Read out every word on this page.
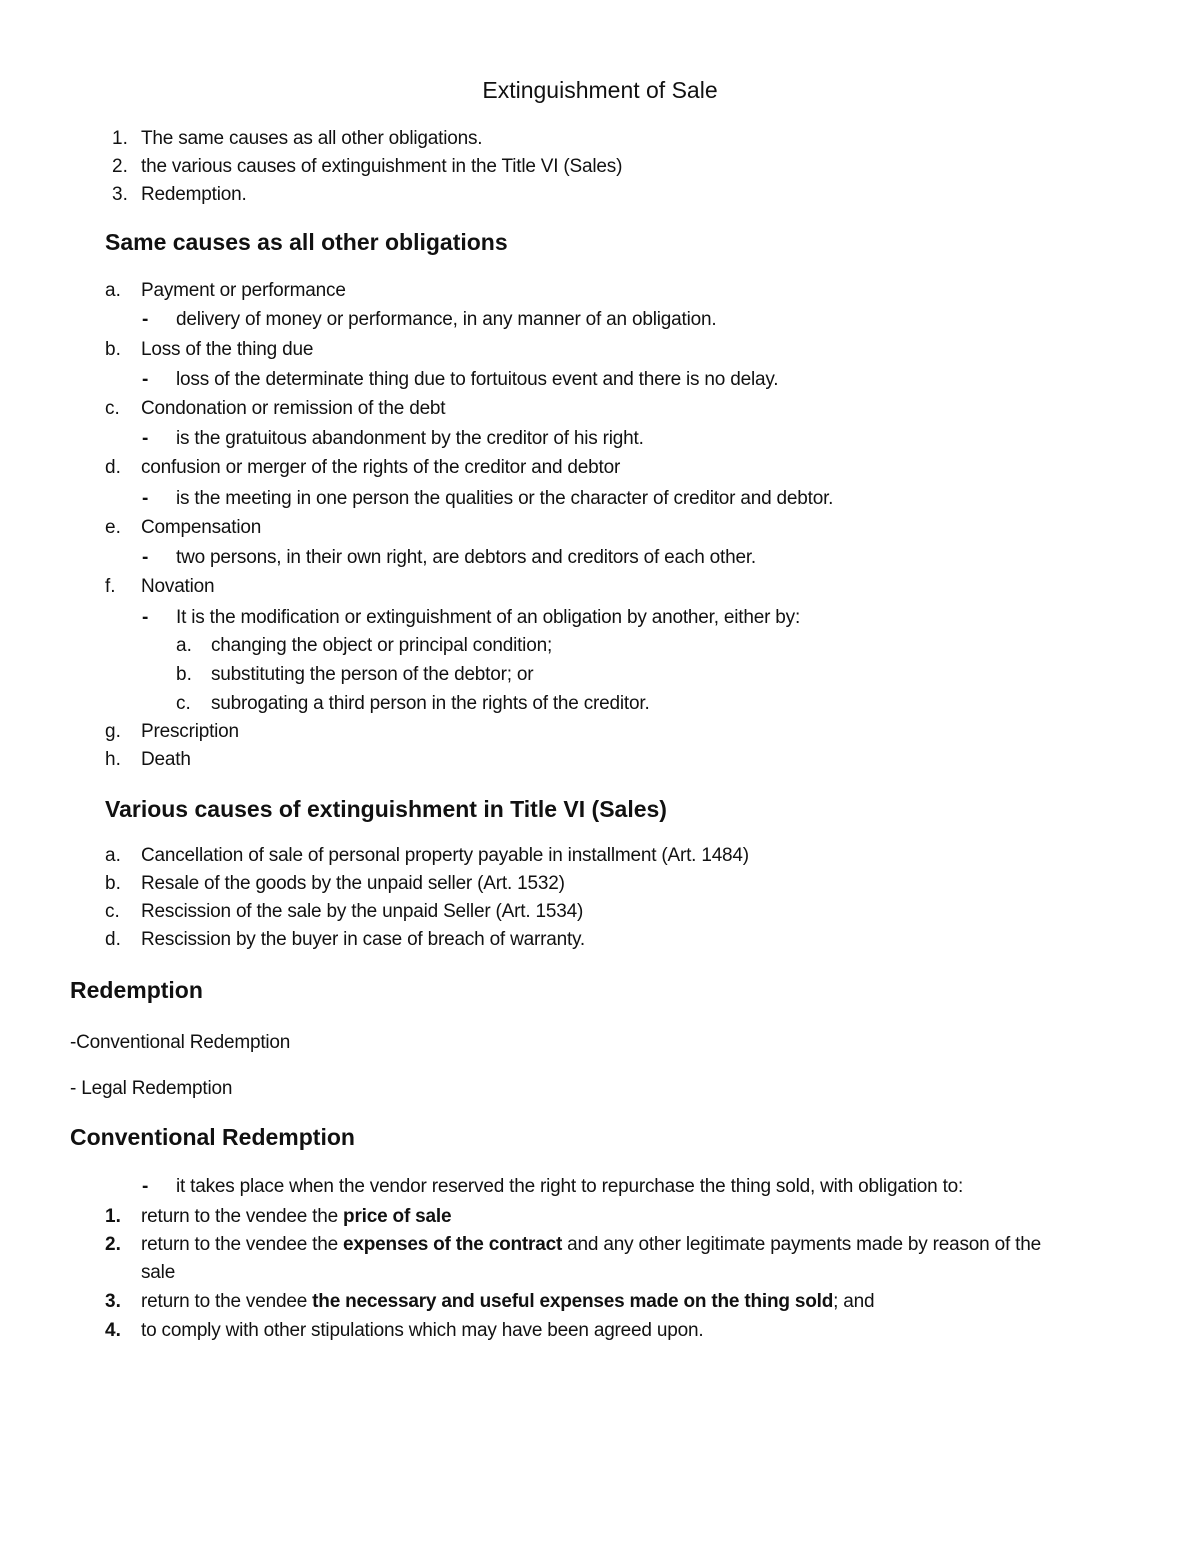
Extinguishment of Sale
1. The same causes as all other obligations.
2. the various causes of extinguishment in the Title VI (Sales)
3. Redemption.
Same causes as all other obligations
a. Payment or performance
- delivery of money or performance, in any manner of an obligation.
b. Loss of the thing due
- loss of the determinate thing due to fortuitous event and there is no delay.
c. Condonation or remission of the debt
- is the gratuitous abandonment by the creditor of his right.
d. confusion or merger of the rights of the creditor and debtor
- is the meeting in one person the qualities or the character of creditor and debtor.
e. Compensation
- two persons, in their own right, are debtors and creditors of each other.
f. Novation
- It is the modification or extinguishment of an obligation by another, either by:
a. changing the object or principal condition;
b. substituting the person of the debtor; or
c. subrogating a third person in the rights of the creditor.
g. Prescription
h. Death
Various causes of extinguishment in Title VI (Sales)
a. Cancellation of sale of personal property payable in installment (Art. 1484)
b. Resale of the goods by the unpaid seller (Art. 1532)
c. Rescission of the sale by the unpaid Seller (Art. 1534)
d. Rescission by the buyer in case of breach of warranty.
Redemption
-Conventional Redemption
- Legal Redemption
Conventional Redemption
- it takes place when the vendor reserved the right to repurchase the thing sold, with obligation to:
1. return to the vendee the price of sale
2. return to the vendee the expenses of the contract and any other legitimate payments made by reason of the
sale
3. return to the vendee the necessary and useful expenses made on the thing sold; and
4. to comply with other stipulations which may have been agreed upon.
